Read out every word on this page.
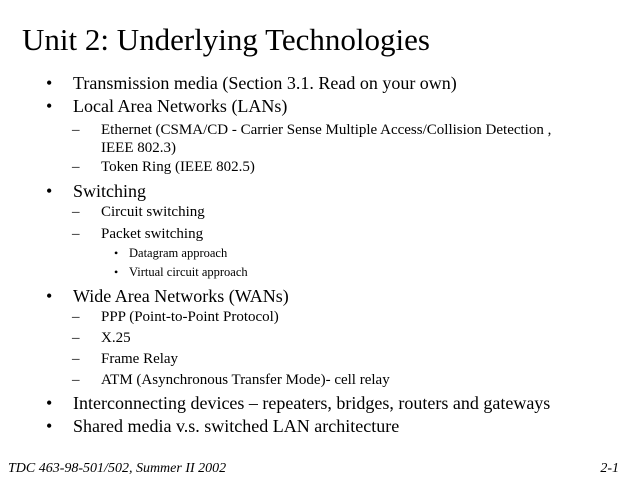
Unit 2: Underlying Technologies
• Transmission media (Section 3.1. Read on your own)
• Local Area Networks (LANs)
– Ethernet (CSMA/CD - Carrier Sense Multiple Access/Collision Detection ,
IEEE 802.3)
– Token Ring (IEEE 802.5)
• Switching
– Circuit switching
– Packet switching
• Datagram approach
• Virtual circuit approach
• Wide Area Networks (WANs)
– PPP (Point-to-Point Protocol)
– X.25
– Frame Relay
– ATM (Asynchronous Transfer Mode)- cell relay
• Interconnecting devices – repeaters, bridges, routers and gateways
• Shared media v.s. switched LAN architecture
TDC 463-98-501/502, Summer II 2002	2-1
